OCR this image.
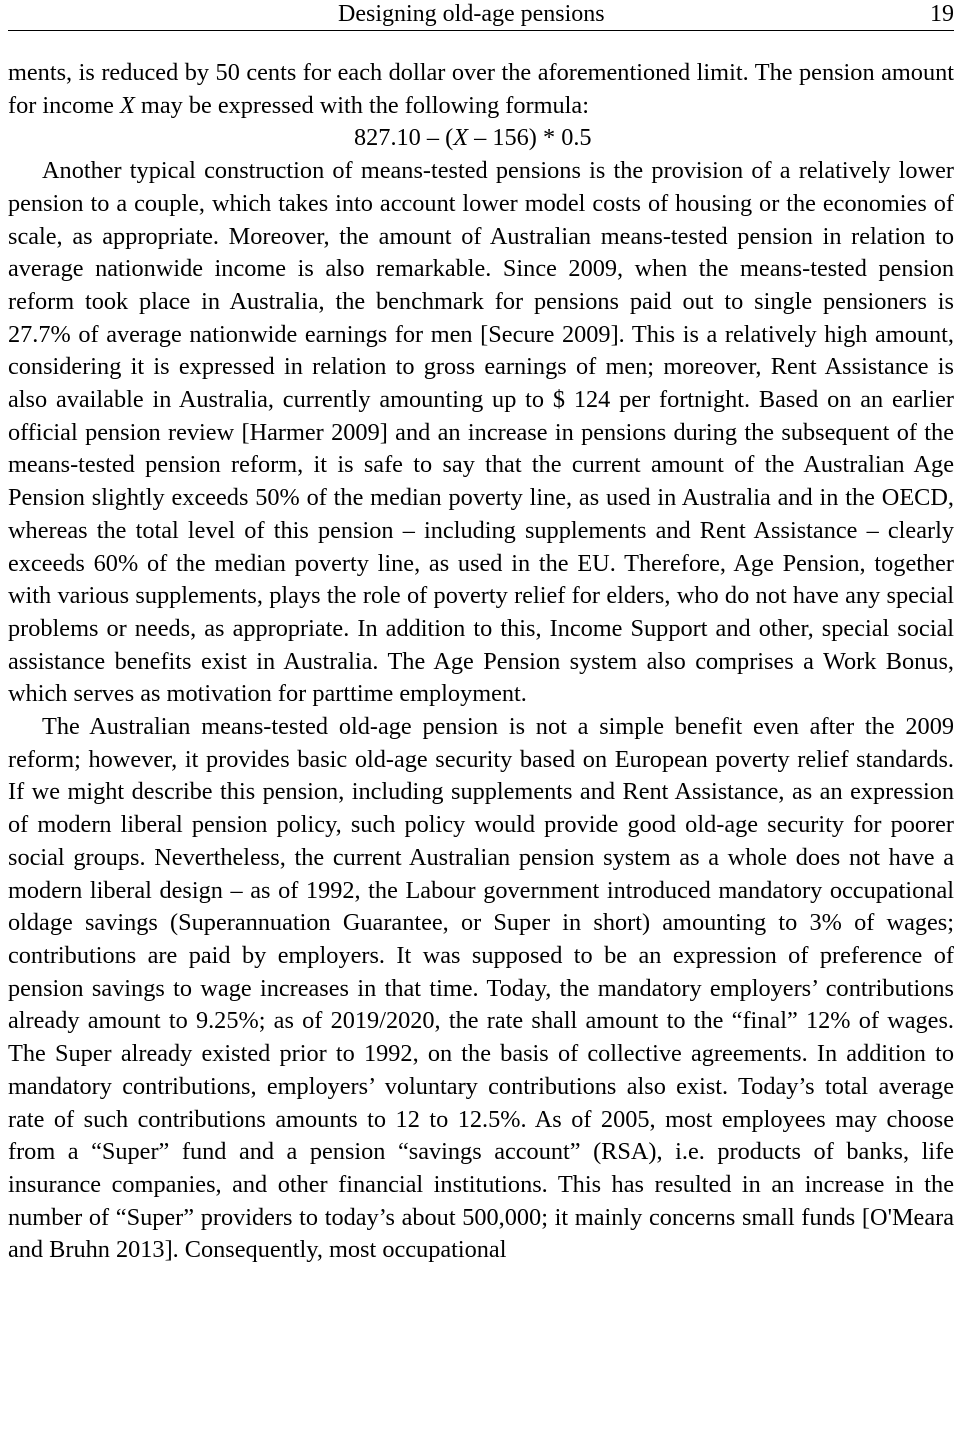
Designing old-age pensions	19

ments, is reduced by 50 cents for each dollar over the aforementioned limit. The pension amount for income X may be expressed with the following formula:

827.10 – (X – 156) * 0.5

Another typical construction of means-tested pensions is the provision of a relatively lower pension to a couple, which takes into account lower model costs of housing or the economies of scale, as appropriate. Moreover, the amount of Australian means-tested pension in relation to average nationwide income is also remarkable. Since 2009, when the means-tested pension reform took place in Australia, the benchmark for pensions paid out to single pensioners is 27.7% of average nationwide earnings for men [Secure 2009]. This is a relatively high amount, considering it is expressed in relation to gross earnings of men; moreover, Rent Assistance is also available in Australia, currently amounting up to $ 124 per fortnight. Based on an earlier official pension review [Harmer 2009] and an increase in pensions during the subsequent of the means-tested pension reform, it is safe to say that the current amount of the Australian Age Pension slightly exceeds 50% of the median poverty line, as used in Australia and in the OECD, whereas the total level of this pension – including supplements and Rent Assistance – clearly exceeds 60% of the median poverty line, as used in the EU. Therefore, Age Pension, together with various supplements, plays the role of poverty relief for elders, who do not have any special problems or needs, as appropriate. In addition to this, Income Support and other, special social assistance benefits exist in Australia. The Age Pension system also comprises a Work Bonus, which serves as motivation for parttime employment.

The Australian means-tested old-age pension is not a simple benefit even after the 2009 reform; however, it provides basic old-age security based on European poverty relief standards. If we might describe this pension, including supplements and Rent Assistance, as an expression of modern liberal pension policy, such policy would provide good old-age security for poorer social groups. Nevertheless, the current Australian pension system as a whole does not have a modern liberal design – as of 1992, the Labour government introduced mandatory occupational oldage savings (Superannuation Guarantee, or Super in short) amounting to 3% of wages; contributions are paid by employers. It was supposed to be an expression of preference of pension savings to wage increases in that time. Today, the mandatory employers’ contributions already amount to 9.25%; as of 2019/2020, the rate shall amount to the “final” 12% of wages. The Super already existed prior to 1992, on the basis of collective agreements. In addition to mandatory contributions, employers’ voluntary contributions also exist. Today’s total average rate of such contributions amounts to 12 to 12.5%. As of 2005, most employees may choose from a “Super” fund and a pension “savings account” (RSA), i.e. products of banks, life insurance companies, and other financial institutions. This has resulted in an increase in the number of “Super” providers to today’s about 500,000; it mainly concerns small funds [O'Meara and Bruhn 2013]. Consequently, most occupational
